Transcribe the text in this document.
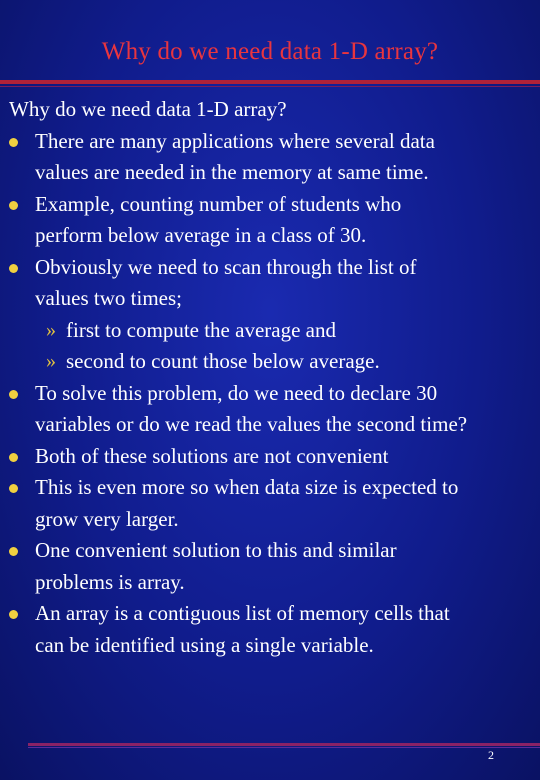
Why do we need data 1-D array?

Why do we need data 1-D array?

There are many applications where several data
values are needed in the memory at same time.
Example, counting number of students who
perform below average in a class of 30.
Obviously we need to scan through the list of
values two times;
» first to compute the average and
» second to count those below average.
To solve this problem, do we need to declare 30
variables or do we read the values the second time?
Both of these solutions are not convenient
This is even more so when data size is expected to
grow very larger.
One convenient solution to this and similar
problems is array.
An array is a contiguous list of memory cells that
can be identified using a single variable.
2
